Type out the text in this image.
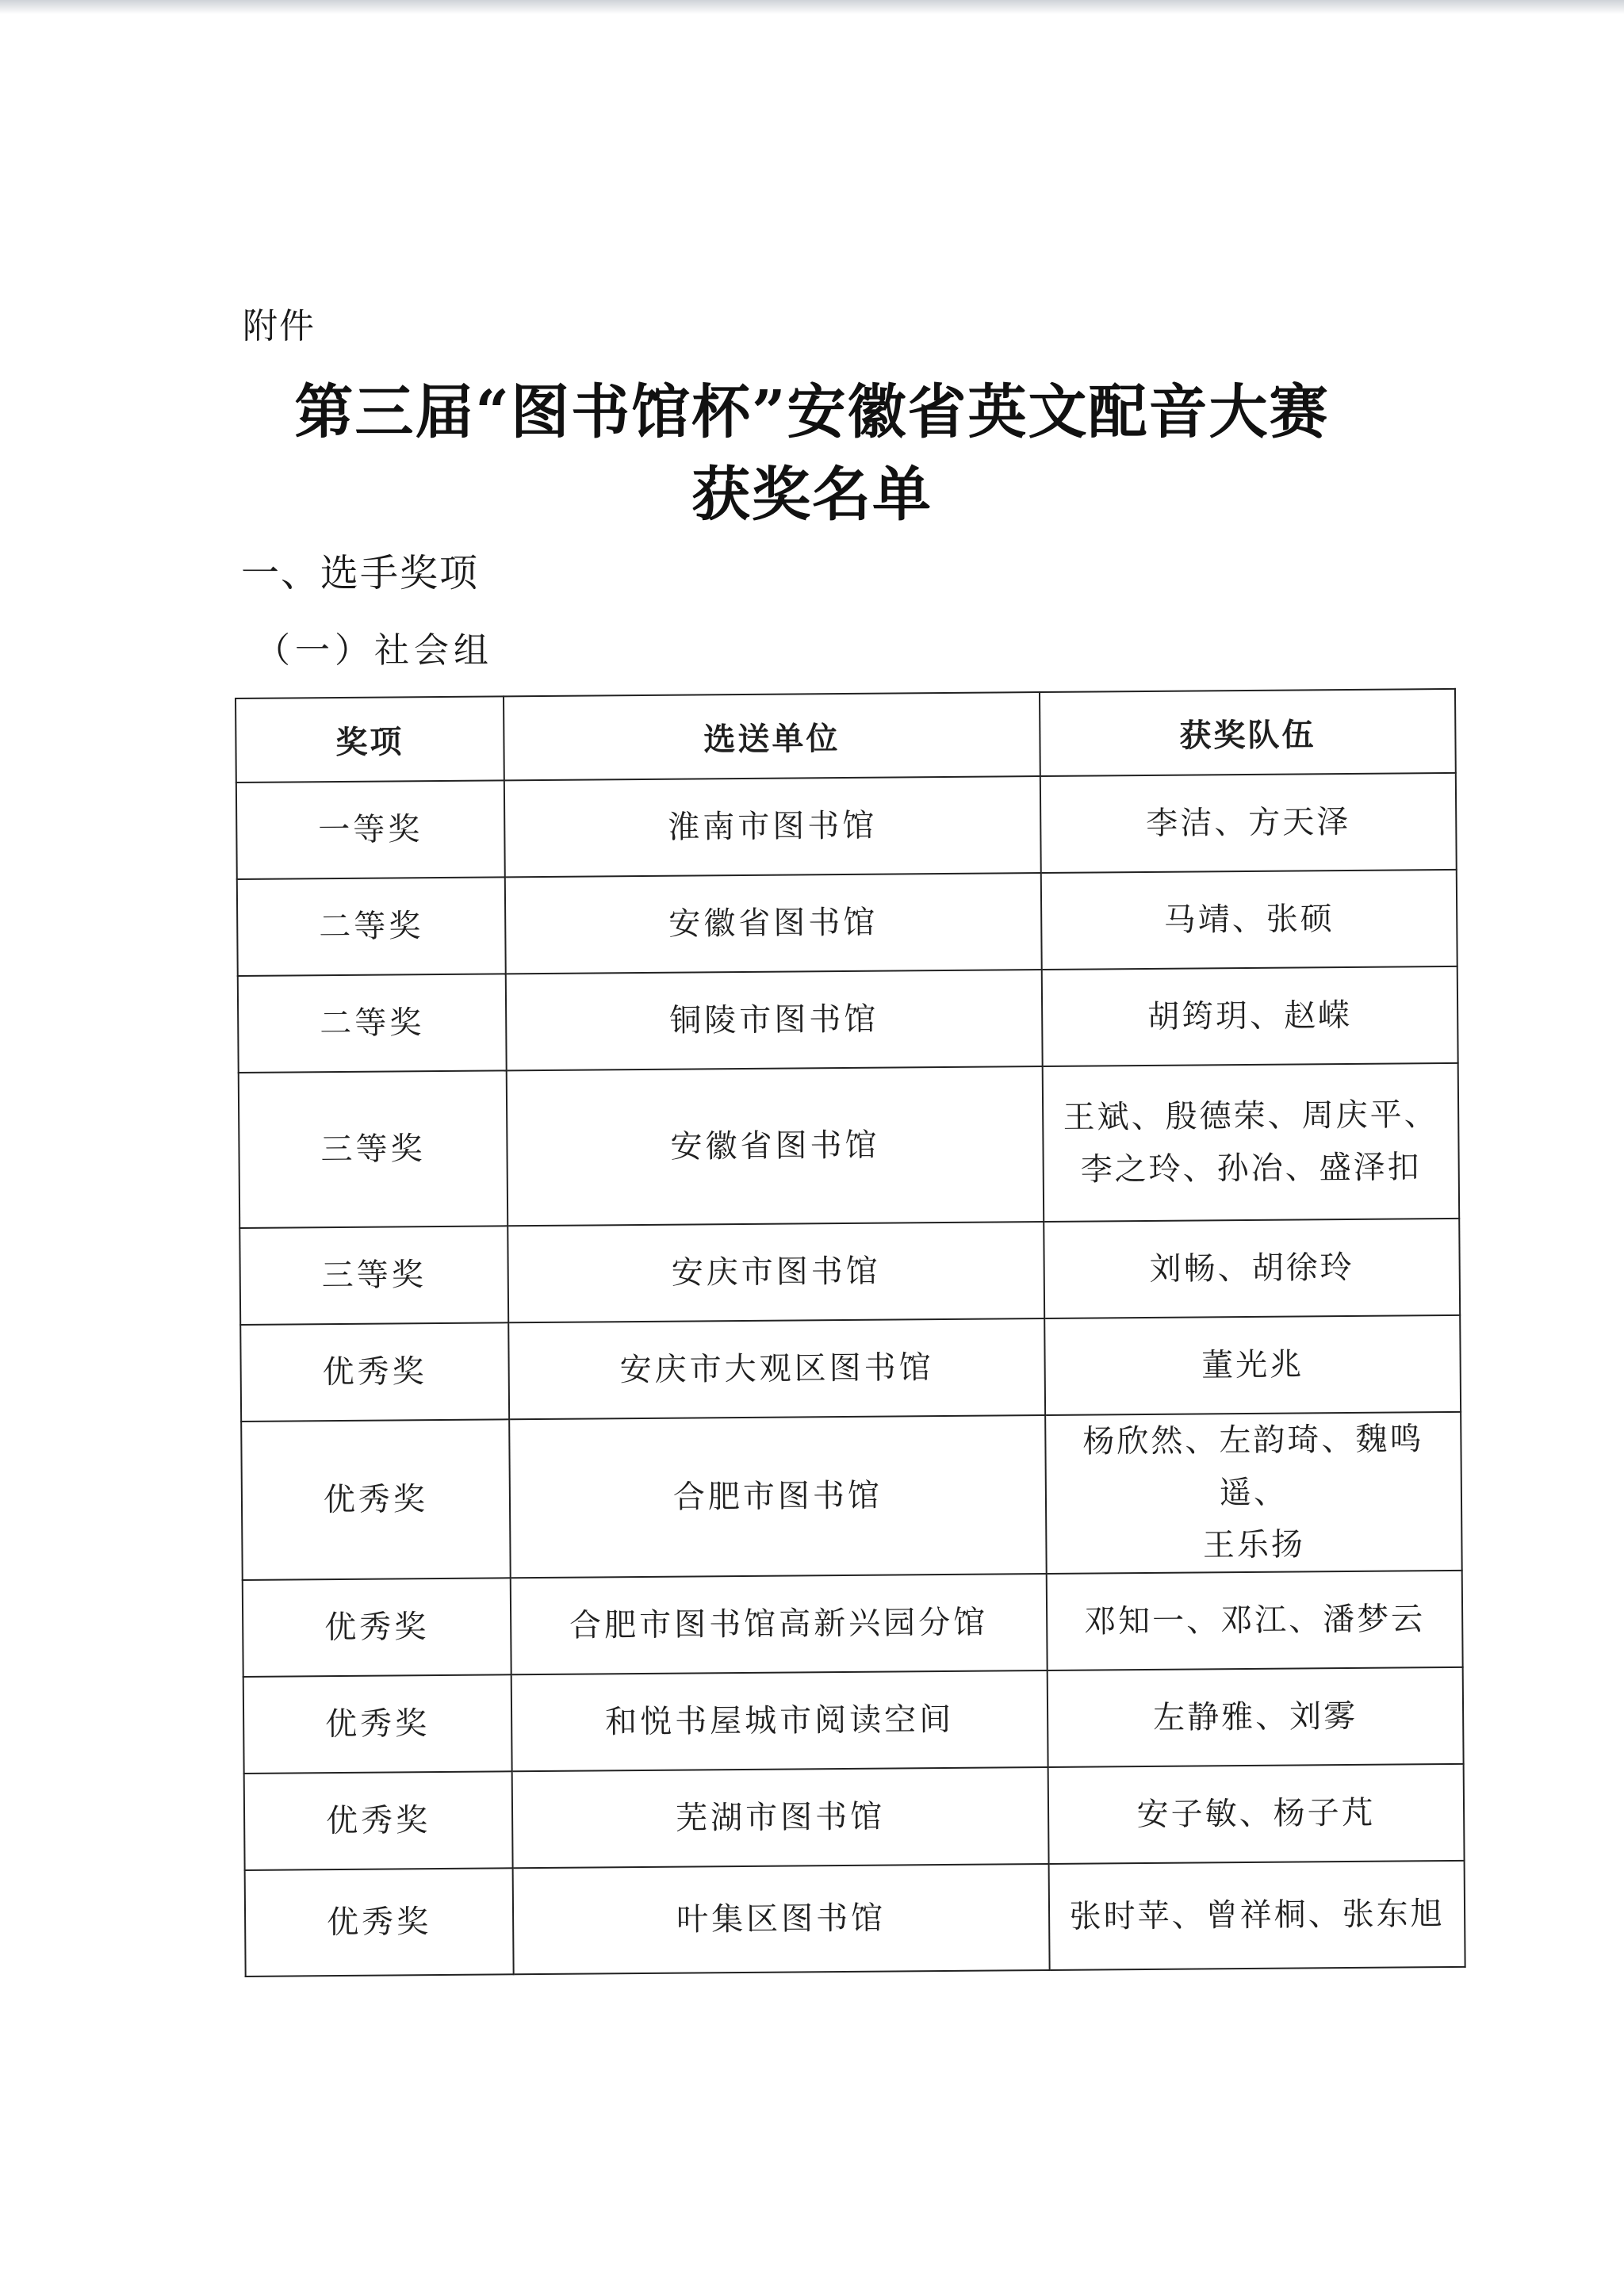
附件
第三届“图书馆杯”安徽省英文配音大赛
获奖名单
一、选手奖项
（一）社会组
奖项	选送单位	获奖队伍
一等奖	淮南市图书馆	李洁、方天泽
二等奖	安徽省图书馆	马靖、张硕
二等奖	铜陵市图书馆	胡筠玥、赵嵘
三等奖	安徽省图书馆	王斌、殷德荣、周庆平、
李之玲、孙冶、盛泽扣
三等奖	安庆市图书馆	刘畅、胡徐玲
优秀奖	安庆市大观区图书馆	董光兆
优秀奖	合肥市图书馆	杨欣然、左韵琦、魏鸣遥、
王乐扬
优秀奖	合肥市图书馆高新兴园分馆	邓知一、邓江、潘梦云
优秀奖	和悦书屋城市阅读空间	左静雅、刘雾
优秀奖	芜湖市图书馆	安子敏、杨子芃
优秀奖	叶集区图书馆	张时苹、曾祥桐、张东旭
